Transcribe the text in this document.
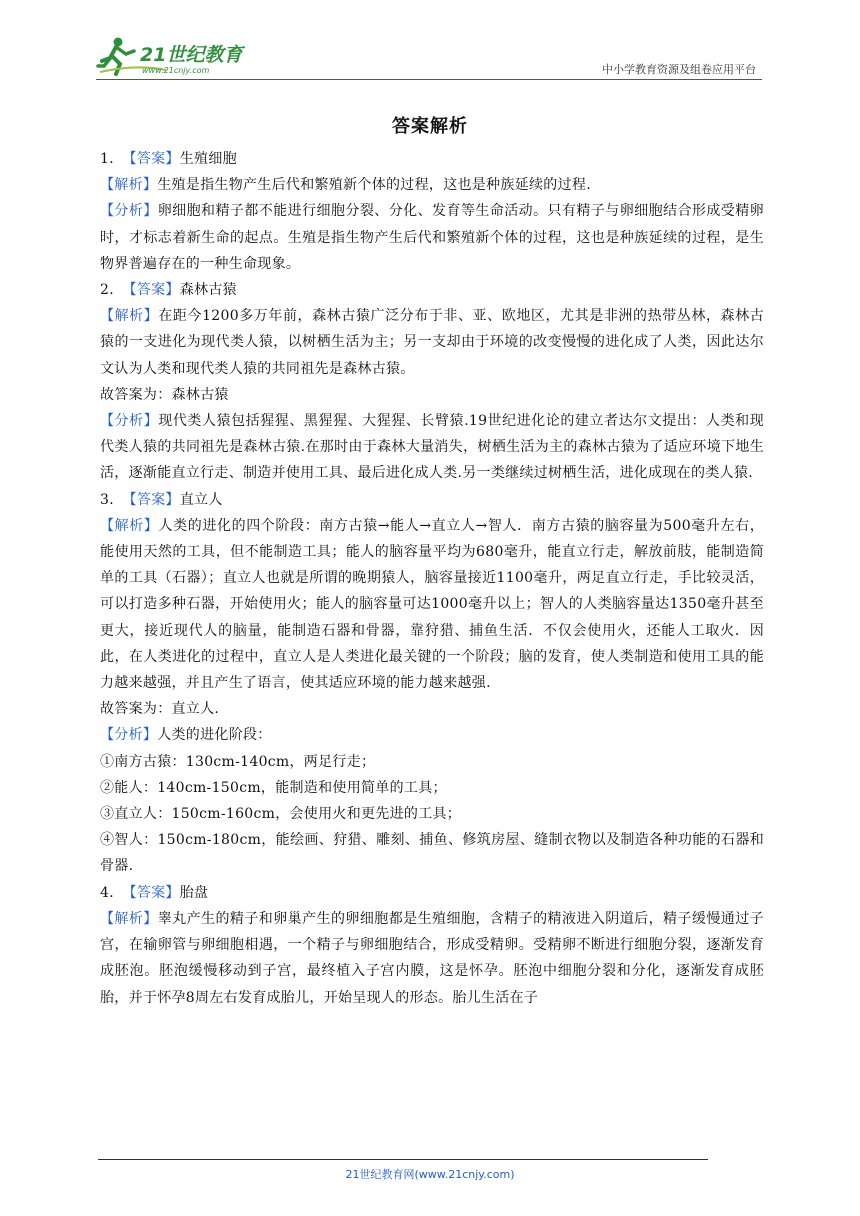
21世纪教育
www.21cnjy.com	中小学教育资源及组卷应用平台
答案解析

1． 【答案】生殖细胞

【解析】生殖是指生物产生后代和繁殖新个体的过程，这也是种族延续的过程.

【分析】卵细胞和精子都不能进行细胞分裂、分化、发育等生命活动。只有精子与卵细胞结合形成受精卵时，才标志着新生命的起点。生殖是指生物产生后代和繁殖新个体的过程，这也是种族延续的过程，是生物界普遍存在的一种生命现象。

2． 【答案】森林古猿

【解析】在距今1200多万年前，森林古猿广泛分布于非、亚、欧地区，尤其是非洲的热带丛林，森林古猿的一支进化为现代类人猿，以树栖生活为主；另一支却由于环境的改变慢慢的进化成了人类，因此达尔文认为人类和现代类人猿的共同祖先是森林古猿。

故答案为：森林古猿

【分析】现代类人猿包括猩猩、黑猩猩、大猩猩、长臂猿.19世纪进化论的建立者达尔文提出：人类和现代类人猿的共同祖先是森林古猿.在那时由于森林大量消失，树栖生活为主的森林古猿为了适应环境下地生活，逐渐能直立行走、制造并使用工具、最后进化成人类.另一类继续过树栖生活，进化成现在的类人猿.

3． 【答案】直立人

【解析】人类的进化的四个阶段：南方古猿→能人→直立人→智人．南方古猿的脑容量为500毫升左右，能使用天然的工具，但不能制造工具；能人的脑容量平均为680毫升，能直立行走，解放前肢，能制造简单的工具（石器）；直立人也就是所谓的晚期猿人，脑容量接近1100毫升，两足直立行走，手比较灵活，可以打造多种石器，开始使用火；能人的脑容量可达1000毫升以上；智人的人类脑容量达1350毫升甚至更大，接近现代人的脑量，能制造石器和骨器，靠狩猎、捕鱼生活．不仅会使用火，还能人工取火．因此，在人类进化的过程中，直立人是人类进化最关键的一个阶段；脑的发育，使人类制造和使用工具的能力越来越强，并且产生了语言，使其适应环境的能力越来越强.

故答案为：直立人.

【分析】人类的进化阶段：

①南方古猿：130cm-140cm，两足行走；

②能人：140cm-150cm，能制造和使用简单的工具；

③直立人：150cm-160cm，会使用火和更先进的工具；

④智人：150cm-180cm，能绘画、狩猎、雕刻、捕鱼、修筑房屋、缝制衣物以及制造各种功能的石器和骨器.

4． 【答案】胎盘

【解析】睾丸产生的精子和卵巢产生的卵细胞都是生殖细胞，含精子的精液进入阴道后，精子缓慢通过子宫，在输卵管与卵细胞相遇，一个精子与卵细胞结合，形成受精卵。受精卵不断进行细胞分裂，逐渐发育成胚泡。胚泡缓慢移动到子宫，最终植入子宫内膜，这是怀孕。胚泡中细胞分裂和分化，逐渐发育成胚胎，并于怀孕8周左右发育成胎儿，开始呈现人的形态。胎儿生活在子

21世纪教育网(www.21cnjy.com)
